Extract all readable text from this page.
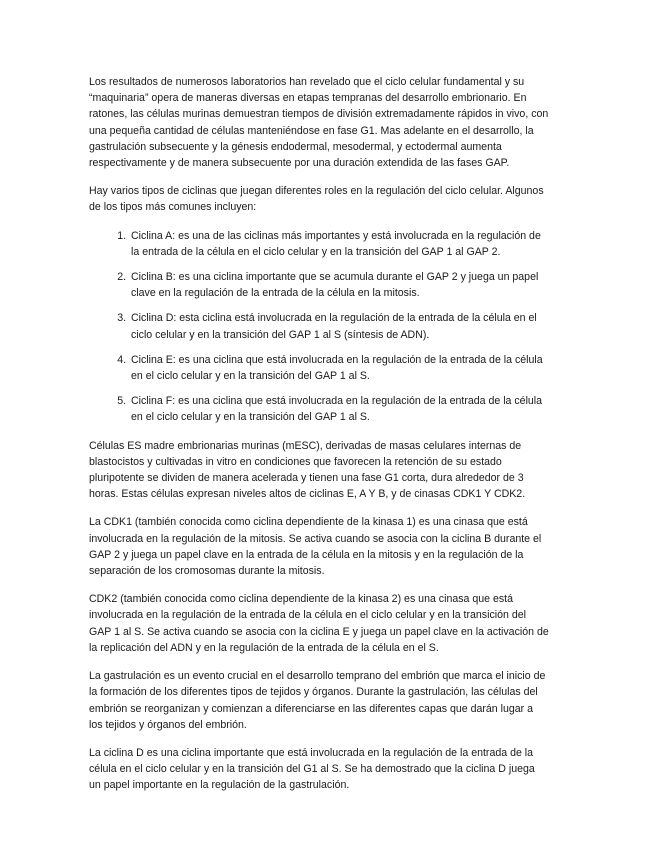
Los resultados de numerosos laboratorios han revelado que el ciclo celular fundamental y su “maquinaria” opera de maneras diversas en etapas tempranas del desarrollo embrionario. En ratones, las células murinas demuestran tiempos de división extremadamente rápidos in vivo, con una pequeña cantidad de células manteniéndose en fase G1. Mas adelante en el desarrollo, la gastrulación subsecuente y la génesis endodermal, mesodermal, y ectodermal aumenta respectivamente y de manera subsecuente por una duración extendida de las fases GAP.

Hay varios tipos de ciclinas que juegan diferentes roles en la regulación del ciclo celular. Algunos de los tipos más comunes incluyen:

1. Ciclina A: es una de las ciclinas más importantes y está involucrada en la regulación de la entrada de la célula en el ciclo celular y en la transición del GAP 1 al GAP 2.
2. Ciclina B: es una ciclina importante que se acumula durante el GAP 2 y juega un papel clave en la regulación de la entrada de la célula en la mitosis.
3. Ciclina D: esta ciclina está involucrada en la regulación de la entrada de la célula en el ciclo celular y en la transición del GAP 1 al S (síntesis de ADN).
4. Ciclina E: es una ciclina que está involucrada en la regulación de la entrada de la célula en el ciclo celular y en la transición del GAP 1 al S.
5. Ciclina F: es una ciclina que está involucrada en la regulación de la entrada de la célula en el ciclo celular y en la transición del GAP 1 al S.

Células ES madre embrionarias murinas (mESC), derivadas de masas celulares internas de blastocistos y cultivadas in vitro en condiciones que favorecen la retención de su estado pluripotente se dividen de manera acelerada y tienen una fase G1 corta, dura alrededor de 3 horas. Estas células expresan niveles altos de ciclinas E, A Y B, y de cinasas CDK1 Y CDK2.

La CDK1 (también conocida como ciclina dependiente de la kinasa 1) es una cinasa que está involucrada en la regulación de la mitosis. Se activa cuando se asocia con la ciclina B durante el GAP 2 y juega un papel clave en la entrada de la célula en la mitosis y en la regulación de la separación de los cromosomas durante la mitosis.

CDK2 (también conocida como ciclina dependiente de la kinasa 2) es una cinasa que está involucrada en la regulación de la entrada de la célula en el ciclo celular y en la transición del GAP 1 al S. Se activa cuando se asocia con la ciclina E y juega un papel clave en la activación de la replicación del ADN y en la regulación de la entrada de la célula en el S.

La gastrulación es un evento crucial en el desarrollo temprano del embrión que marca el inicio de la formación de los diferentes tipos de tejidos y órganos. Durante la gastrulación, las células del embrión se reorganizan y comienzan a diferenciarse en las diferentes capas que darán lugar a los tejidos y órganos del embrión.

La ciclina D es una ciclina importante que está involucrada en la regulación de la entrada de la célula en el ciclo celular y en la transición del G1 al S. Se ha demostrado que la ciclina D juega un papel importante en la regulación de la gastrulación.
